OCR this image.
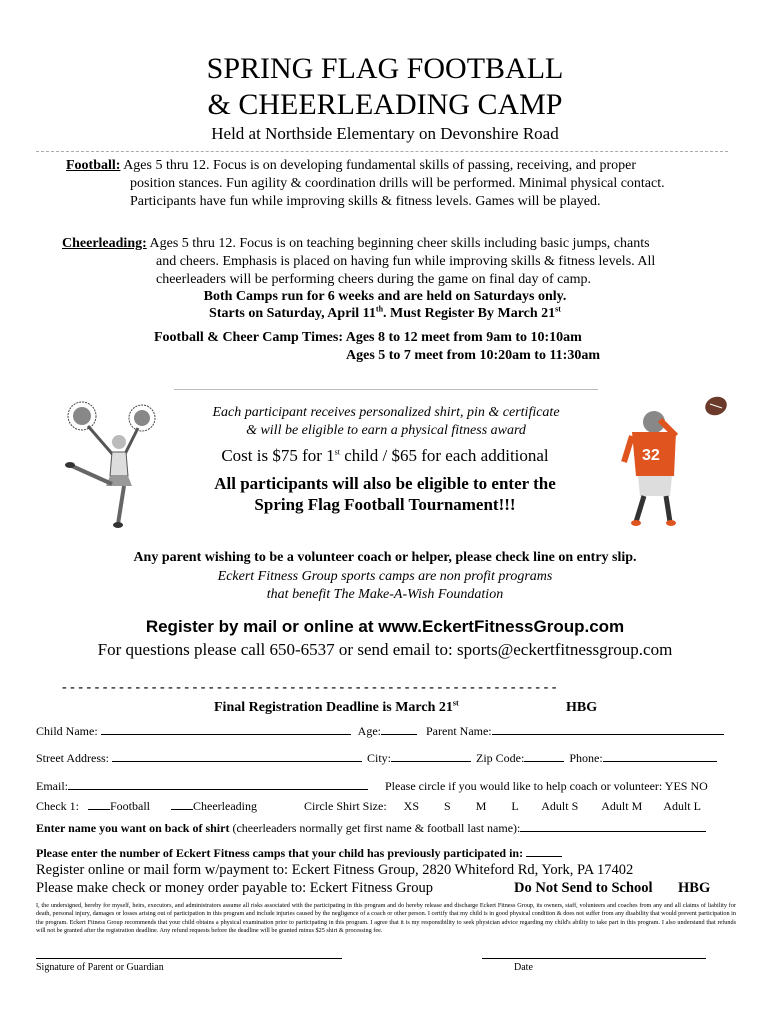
SPRING FLAG FOOTBALL
& CHEERLEADING CAMP
Held at Northside Elementary on Devonshire Road
Football: Ages 5 thru 12. Focus is on developing fundamental skills of passing, receiving, and proper
position stances. Fun agility & coordination drills will be performed. Minimal physical contact.
Participants have fun while improving skills & fitness levels. Games will be played.
Cheerleading: Ages 5 thru 12. Focus is on teaching beginning cheer skills including basic jumps, chants
and cheers. Emphasis is placed on having fun while improving skills & fitness levels. All
cheerleaders will be performing cheers during the game on final day of camp.
Both Camps run for 6 weeks and are held on Saturdays only.
Starts on Saturday, April 11th. Must Register By March 21st
Football & Cheer Camp Times: Ages 8 to 12 meet from 9am to 10:10am
Ages 5 to 7 meet from 10:20am to 11:30am
Each participant receives personalized shirt, pin & certificate
& will be eligible to earn a physical fitness award
Cost is $75 for 1st child / $65 for each additional
All participants will also be eligible to enter the
Spring Flag Football Tournament!!!
32
Any parent wishing to be a volunteer coach or helper, please check line on entry slip.
Eckert Fitness Group sports camps are non profit programs
that benefit The Make-A-Wish Foundation
Register by mail or online at www.EckertFitnessGroup.com
For questions please call 650-6537 or send email to: sports@eckertfitnessgroup.com
- - - - - - - - - - - - - - - - - - - - - - - - - - - - - - - - - - - - - - - - - - - - - - - - - - - - - - - - - - - - -
Final Registration Deadline is March 21st	HBG
Child Name:	Age:	Parent Name:
Street Address:	City:	Zip Code:	Phone:
Email:	Please circle if you would like to help coach or volunteer: YES NO
Check 1:	Football	Cheerleading	Circle Shirt Size: XS S M L Adult S Adult M Adult L
Enter name you want on back of shirt (cheerleaders normally get first name & football last name):
Please enter the number of Eckert Fitness camps that your child has previously participated in:
Register online or mail form w/payment to: Eckert Fitness Group, 2820 Whiteford Rd, York, PA 17402
Please make check or money order payable to: Eckert Fitness Group	Do Not Send to School HBG
I, the undersigned, hereby for myself, heirs, executors, and administrators assume all risks associated with the participating in this program and do hereby release and discharge Eckert Fitness Group, its owners, staff, volunteers and coaches from any and all claims of liability for death, personal injury, damages or losses arising out of participation in this program and include injuries caused by the negligence of a coach or other person. I certify that my child is in good physical condition & does not suffer from any disability that would prevent participation in the program. Eckert Fitness Group recommends that your child obtains a physical examination prior to participating in this program. I agree that it is my responsibility to seek physician advice regarding my child's ability to take part in this program. I also understand that refunds will not be granted after the registration deadline. Any refund requests before the deadline will be granted minus $25 shirt & processing fee.
Signature of Parent or Guardian	Date
